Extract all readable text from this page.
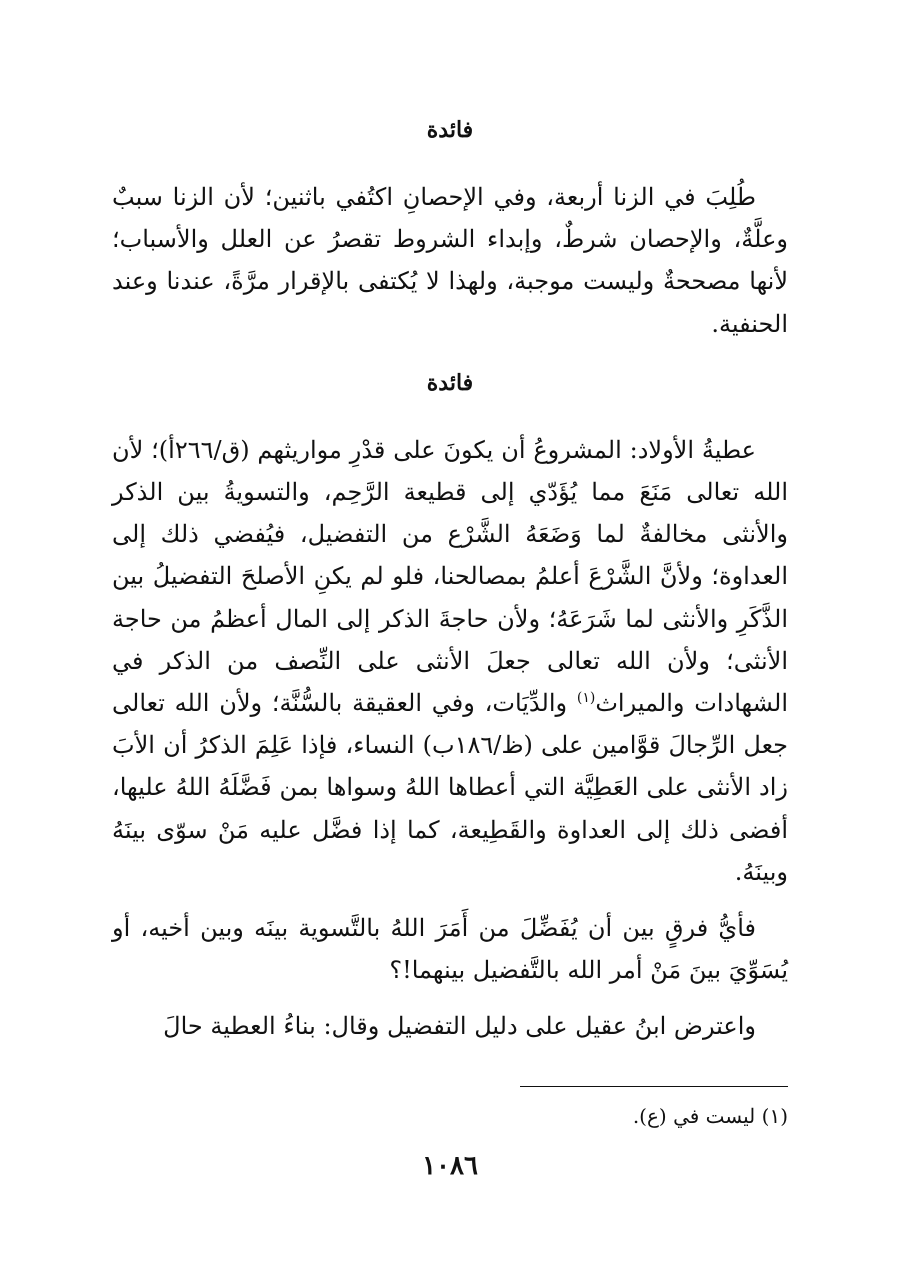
فائدة

طُلِبَ في الزنا أربعة، وفي الإحصانِ اكتُفي باثنين؛ لأن الزنا سببٌ وعلَّةٌ، والإحصان شرطٌ، وإبداء الشروط تقصرُ عن العلل والأسباب؛ لأنها مصححةٌ وليست موجبة، ولهذا لا يُكتفى بالإقرار مرَّةً، عندنا وعند الحنفية.

فائدة

عطيةُ الأولاد: المشروعُ أن يكونَ على قدْرِ مواريثهم (ق/٢٦٦أ)؛ لأن الله تعالى مَنَعَ مما يُؤَدّي إلى قطيعة الرَّحِم، والتسويةُ بين الذكر والأنثى مخالفةٌ لما وَضَعَهُ الشَّرْع من التفضيل، فيُفضي ذلك إلى العداوة؛ ولأنَّ الشَّرْعَ أعلمُ بمصالحنا، فلو لم يكنِ الأصلحَ التفضيلُ بين الذَّكَرِ والأنثى لما شَرَعَهُ؛ ولأن حاجةَ الذكر إلى المال أعظمُ من حاجة الأنثى؛ ولأن الله تعالى جعلَ الأنثى على النِّصف من الذكر في الشهادات والميراث$^{(١)}$ والدِّيَات، وفي العقيقة بالسُّنَّة؛ ولأن الله تعالى جعل الرِّجالَ قوَّامين على (ظ/١٨٦ب) النساء، فإذا عَلِمَ الذكرُ أن الأبَ زاد الأنثى على العَطِيَّة التي أعطاها اللهُ وسواها بمن فَضَّلَهُ اللهُ عليها، أفضى ذلك إلى العداوة والقَطِيعة، كما إذا فضَّل عليه مَنْ سوّى بينَهُ وبينَهُ.

فأيُّ فرقٍ بين أن يُفَضِّلَ من أَمَرَ اللهُ بالتَّسوية بينَه وبين أخيه، أو يُسَوِّيَ بينَ مَنْ أمر الله بالتَّفضيل بينهما!؟

واعترض ابنُ عقيل على دليل التفضيل وقال: بناءُ العطية حالَ

(١) ليست في (ع).
١٠٨٦
